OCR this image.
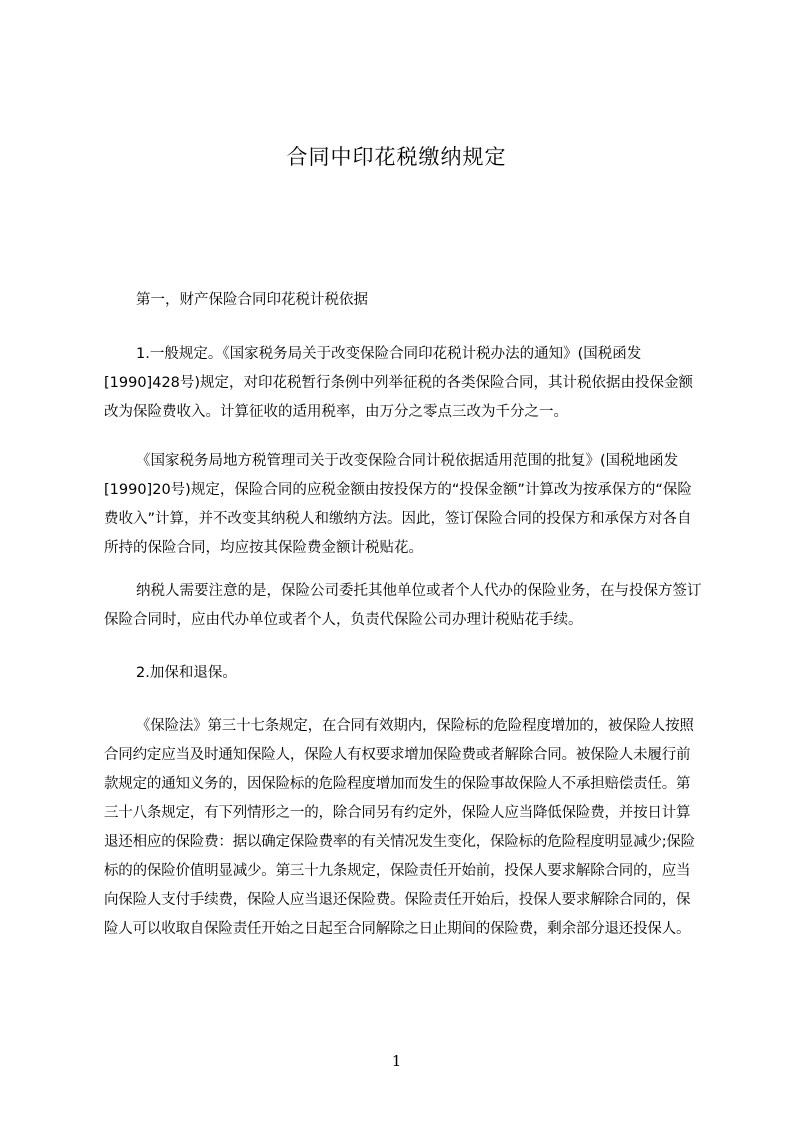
合同中印花税缴纳规定
第一，财产保险合同印花税计税依据
1.一般规定。《国家税务局关于改变保险合同印花税计税办法的通知》(国税函发[1990]428号)规定，对印花税暂行条例中列举征税的各类保险合同，其计税依据由投保金额改为保险费收入。计算征收的适用税率，由万分之零点三改为千分之一。
《国家税务局地方税管理司关于改变保险合同计税依据适用范围的批复》(国税地函发[1990]20号)规定，保险合同的应税金额由按投保方的“投保金额”计算改为按承保方的“保险费收入”计算，并不改变其纳税人和缴纳方法。因此，签订保险合同的投保方和承保方对各自所持的保险合同，均应按其保险费金额计税贴花。
纳税人需要注意的是，保险公司委托其他单位或者个人代办的保险业务，在与投保方签订保险合同时，应由代办单位或者个人，负责代保险公司办理计税贴花手续。
2.加保和退保。
《保险法》第三十七条规定，在合同有效期内，保险标的危险程度增加的，被保险人按照合同约定应当及时通知保险人，保险人有权要求增加保险费或者解除合同。被保险人未履行前款规定的通知义务的，因保险标的危险程度增加而发生的保险事故保险人不承担赔偿责任。第三十八条规定，有下列情形之一的，除合同另有约定外，保险人应当降低保险费，并按日计算退还相应的保险费：据以确定保险费率的有关情况发生变化，保险标的危险程度明显减少;保险标的的保险价值明显减少。第三十九条规定，保险责任开始前，投保人要求解除合同的，应当向保险人支付手续费，保险人应当退还保险费。保险责任开始后，投保人要求解除合同的，保险人可以收取自保险责任开始之日起至合同解除之日止期间的保险费，剩余部分退还投保人。
1
